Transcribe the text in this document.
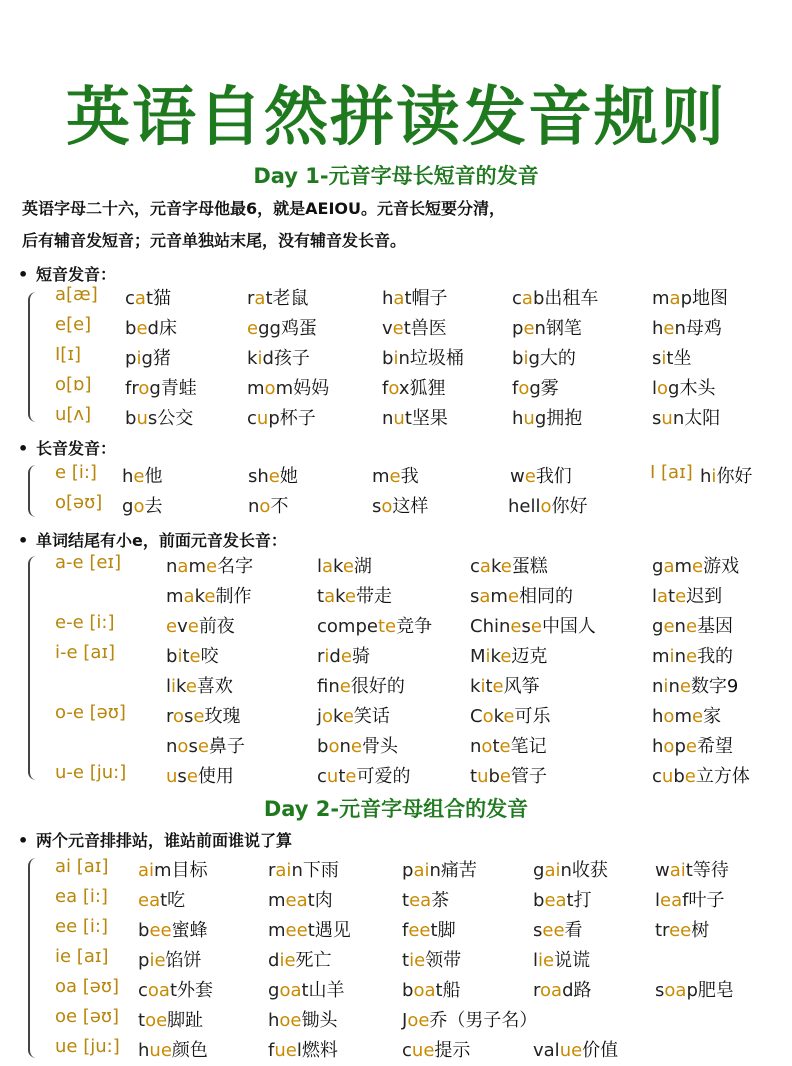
英语自然拼读发音规则
Day 1-元音字母长短音的发音
英语字母二十六，元音字母他最6，就是AEIOU。元音长短要分清，
后有辅音发短音；元音单独站末尾，没有辅音发长音。
• 短音发音：
a[æ] cat猫	rat老鼠	hat帽子	cab出租车	map地图
e[e] bed床	egg鸡蛋	vet兽医	pen钢笔	hen母鸡
I[ɪ] pig猪	kid孩子	bin垃圾桶	big大的	sit坐
o[ɒ] frog青蛙	mom妈妈	fox狐狸	fog雾	log木头
u[ʌ] bus公交	cup杯子	nut坚果	hug拥抱	sun太阳
• 长音发音：
e [i:] he他	she她	me我	we我们	I [aɪ] hi你好
o[əʊ] go去	no不	so这样	hello你好
• 单词结尾有小e，前面元音发长音：
a-e [eɪ] name名字	lake湖	cake蛋糕	game游戏
make制作	take带走	same相同的	late迟到
e-e [i:]	eve前夜	compete竞争 Chinese中国人	gene基因
i-e [aɪ]	bite咬	ride骑	Mike迈克	mine我的
like喜欢	fne很好的	kite风筝	nine数字9
o-e [əʊ] rose玫瑰	joke笑话	Coke可乐	home家
nose鼻子	bone骨头	note笔记	hope希望
u-e [ju:] use使用	cute可爱的	tube管子	cube立方体
Day 2-元音字母组合的发音
• 两个元音排排站，谁站前面谁说了算
ai [aɪ] aim目标	rain下雨	pain痛苦	gain收获	wait等待
ea [i:] eat吃	meat肉	tea茶	beat打	leaf叶子
ee [i:] bee蜜蜂	meet遇见	feet脚	see看	tree树
ie [aɪ] pie馅饼	die死亡	tie领带	lie说谎
oa [əʊ] coat外套	goat山羊	boat船	road路	soap肥皂
oe [əʊ] toe脚趾	hoe锄头	Joe乔（男子名）
ue [ju:] hue颜色	fuel燃料	cue提示	value价值
